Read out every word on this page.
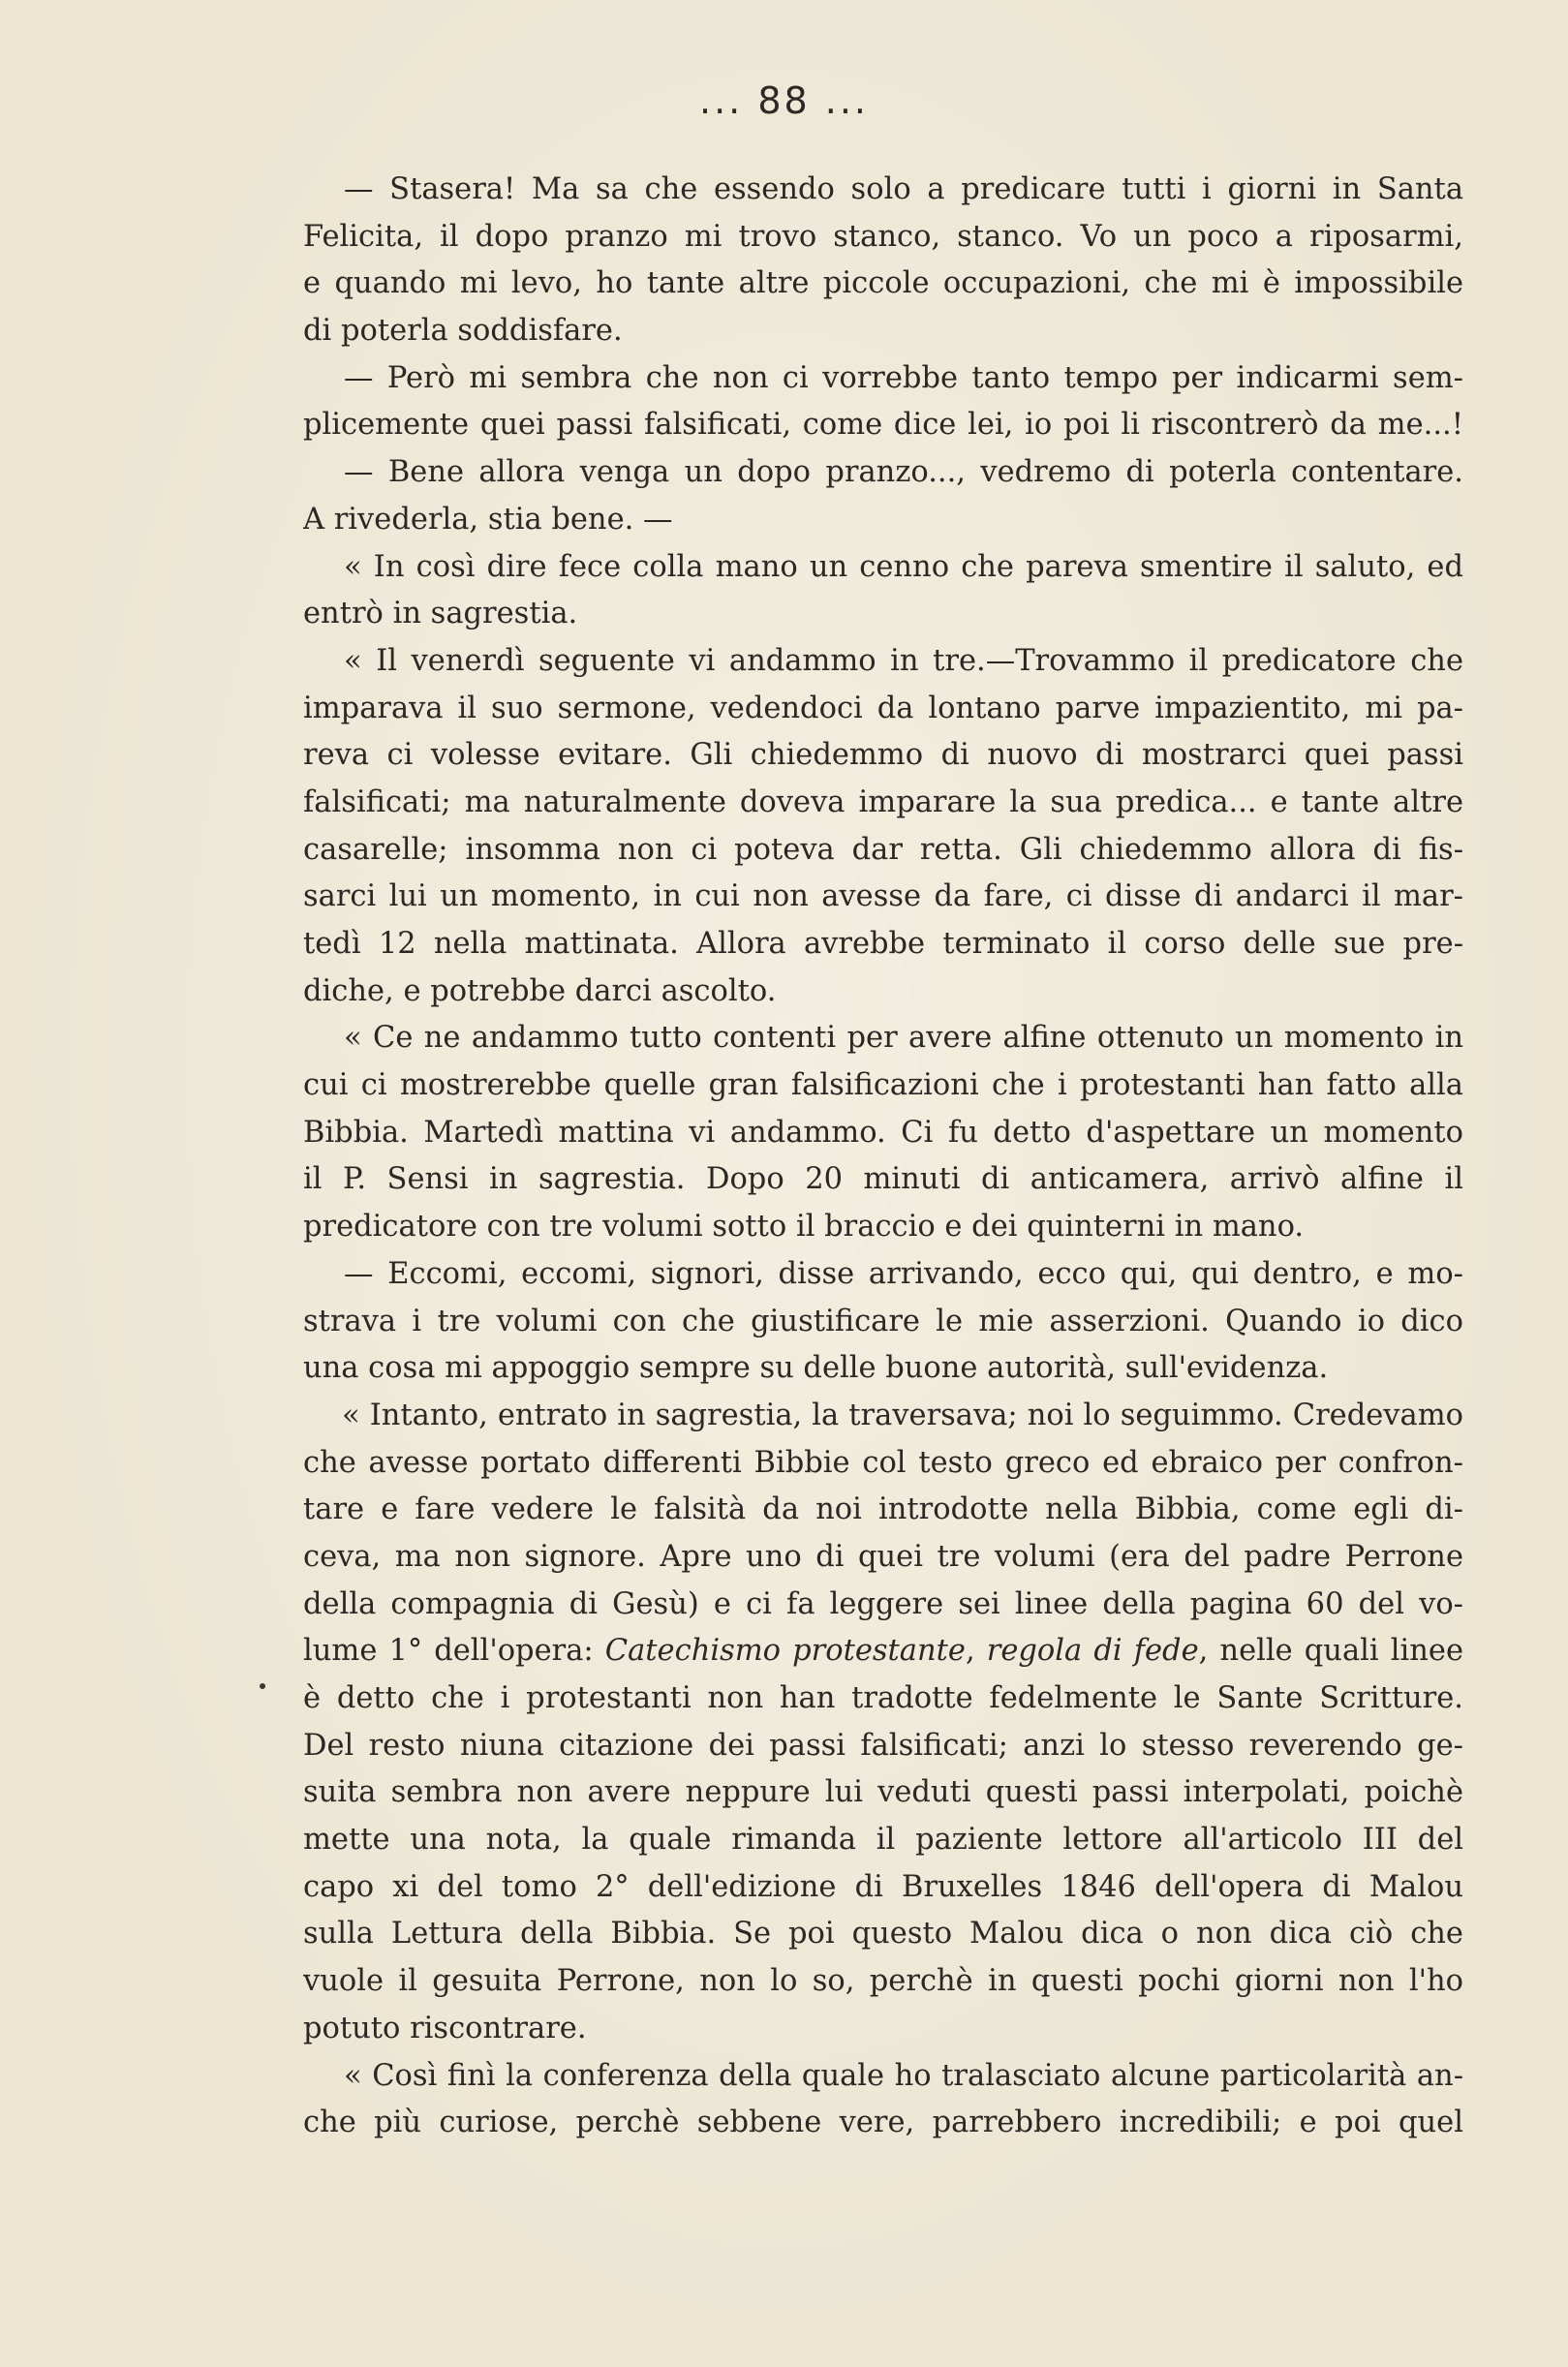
... 88 ...
— Stasera! Ma sa che essendo solo a predicare tutti i giorni in Santa
Felicita, il dopo pranzo mi trovo stanco, stanco. Vo un poco a riposarmi,
e quando mi levo, ho tante altre piccole occupazioni, che mi è impossibile
di poterla soddisfare.
— Però mi sembra che non ci vorrebbe tanto tempo per indicarmi sem-
plicemente quei passi falsificati, come dice lei, io poi li riscontrerò da me...!
— Bene allora venga un dopo pranzo..., vedremo di poterla contentare.
A rivederla, stia bene. —
« In così dire fece colla mano un cenno che pareva smentire il saluto, ed
entrò in sagrestia.
« Il venerdì seguente vi andammo in tre.—Trovammo il predicatore che
imparava il suo sermone, vedendoci da lontano parve impazientito, mi pa-
reva ci volesse evitare. Gli chiedemmo di nuovo di mostrarci quei passi
falsificati; ma naturalmente doveva imparare la sua predica... e tante altre
casarelle; insomma non ci poteva dar retta. Gli chiedemmo allora di fis-
sarci lui un momento, in cui non avesse da fare, ci disse di andarci il mar-
tedì 12 nella mattinata. Allora avrebbe terminato il corso delle sue pre-
diche, e potrebbe darci ascolto.
« Ce ne andammo tutto contenti per avere alfine ottenuto un momento in
cui ci mostrerebbe quelle gran falsificazioni che i protestanti han fatto alla
Bibbia. Martedì mattina vi andammo. Ci fu detto d'aspettare un momento
il P. Sensi in sagrestia. Dopo 20 minuti di anticamera, arrivò alfine il
predicatore con tre volumi sotto il braccio e dei quinterni in mano.
— Eccomi, eccomi, signori, disse arrivando, ecco qui, qui dentro, e mo-
strava i tre volumi con che giustificare le mie asserzioni. Quando io dico
una cosa mi appoggio sempre su delle buone autorità, sull'evidenza.
« Intanto, entrato in sagrestia, la traversava; noi lo seguimmo. Credevamo
che avesse portato differenti Bibbie col testo greco ed ebraico per confron-
tare e fare vedere le falsità da noi introdotte nella Bibbia, come egli di-
ceva, ma non signore. Apre uno di quei tre volumi (era del padre Perrone
della compagnia di Gesù) e ci fa leggere sei linee della pagina 60 del vo-
lume 1° dell'opera: Catechismo protestante, regola di fede, nelle quali linee
è detto che i protestanti non han tradotte fedelmente le Sante Scritture.
Del resto niuna citazione dei passi falsificati; anzi lo stesso reverendo ge-
suita sembra non avere neppure lui veduti questi passi interpolati, poichè
mette una nota, la quale rimanda il paziente lettore all'articolo III del
capo xi del tomo 2° dell'edizione di Bruxelles 1846 dell'opera di Malou
sulla Lettura della Bibbia. Se poi questo Malou dica o non dica ciò che
vuole il gesuita Perrone, non lo so, perchè in questi pochi giorni non l'ho
potuto riscontrare.
« Così finì la conferenza della quale ho tralasciato alcune particolarità an-
che più curiose, perchè sebbene vere, parrebbero incredibili; e poi quel
